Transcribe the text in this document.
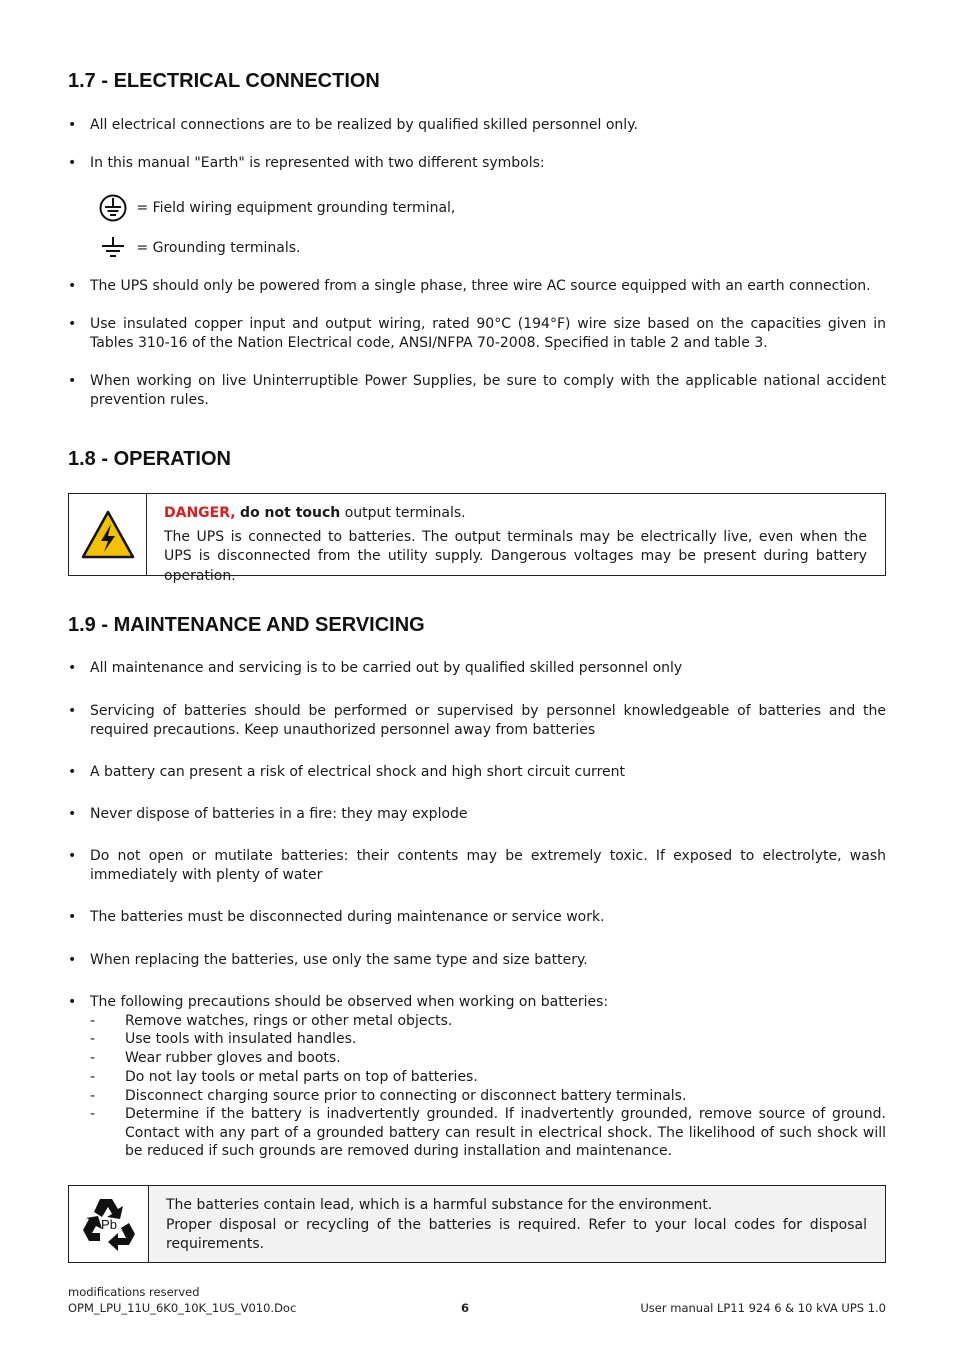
1.7 - ELECTRICAL CONNECTION
• All electrical connections are to be realized by qualified skilled personnel only.
• In this manual "Earth" is represented with two different symbols:
= Field wiring equipment grounding terminal,
= Grounding terminals.
• The UPS should only be powered from a single phase, three wire AC source equipped with an earth connection.
• Use insulated copper input and output wiring, rated 90°C (194°F) wire size based on the capacities given in Tables 310-16 of the Nation Electrical code, ANSI/NFPA 70-2008. Specified in table 2 and table 3.
• When working on live Uninterruptible Power Supplies, be sure to comply with the applicable national accident prevention rules.
1.8 - OPERATION
DANGER, do not touch output terminals.
The UPS is connected to batteries. The output terminals may be electrically live, even when the UPS is disconnected from the utility supply. Dangerous voltages may be present during battery operation.
1.9 - MAINTENANCE AND SERVICING
• All maintenance and servicing is to be carried out by qualified skilled personnel only
• Servicing of batteries should be performed or supervised by personnel knowledgeable of batteries and the required precautions. Keep unauthorized personnel away from batteries
• A battery can present a risk of electrical shock and high short circuit current
• Never dispose of batteries in a fire: they may explode
• Do not open or mutilate batteries: their contents may be extremely toxic. If exposed to electrolyte, wash immediately with plenty of water
• The batteries must be disconnected during maintenance or service work.
• When replacing the batteries, use only the same type and size battery.
• The following precautions should be observed when working on batteries:
- Remove watches, rings or other metal objects.
- Use tools with insulated handles.
- Wear rubber gloves and boots.
- Do not lay tools or metal parts on top of batteries.
- Disconnect charging source prior to connecting or disconnect battery terminals.
- Determine if the battery is inadvertently grounded. If inadvertently grounded, remove source of ground. Contact with any part of a grounded battery can result in electrical shock. The likelihood of such shock will be reduced if such grounds are removed during installation and maintenance.
Pb
The batteries contain lead, which is a harmful substance for the environment.
Proper disposal or recycling of the batteries is required. Refer to your local codes for disposal requirements.
modifications reserved
OPM_LPU_11U_6K0_10K_1US_V010.Doc	6	User manual LP11 924 6 & 10 kVA UPS 1.0
